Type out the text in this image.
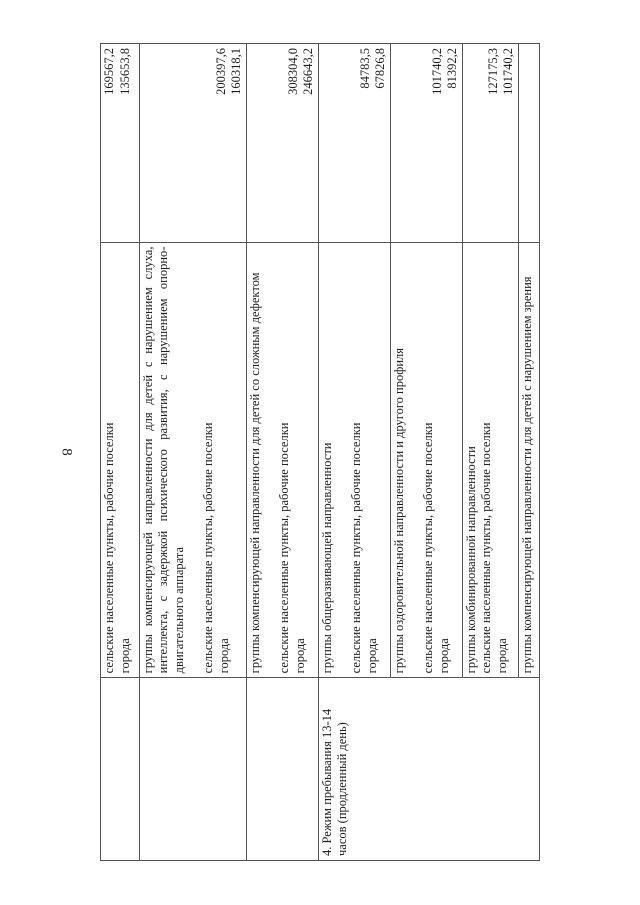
8

	сельские населенные пункты, рабочие поселки города	169567,2 135653,8

	группы компенсирующей направленности для детей с нарушением слуха, интеллекта, с задержкой психического развития, с нарушением опорно-двигательного аппарата сельские населенные пункты, рабочие поселки города	200397,6 160318,1

	группы компенсирующей направленности для детей со сложным дефектом сельские населенные пункты, рабочие поселки города	308304,0 246643,2

4. Режим пребывания 13-14 часов (продленный день)	группы общеразвивающей направленности сельские населенные пункты, рабочие поселки города	84783,5 67826,8

	группы оздоровительной направленности и другого профиля сельские населенные пункты, рабочие поселки города	101740,2 81392,2

	группы комбинированной направленности сельские населенные пункты, рабочие поселки города	127175,3 101740,2

	группы компенсирующей направленности для детей с нарушением зрения	
